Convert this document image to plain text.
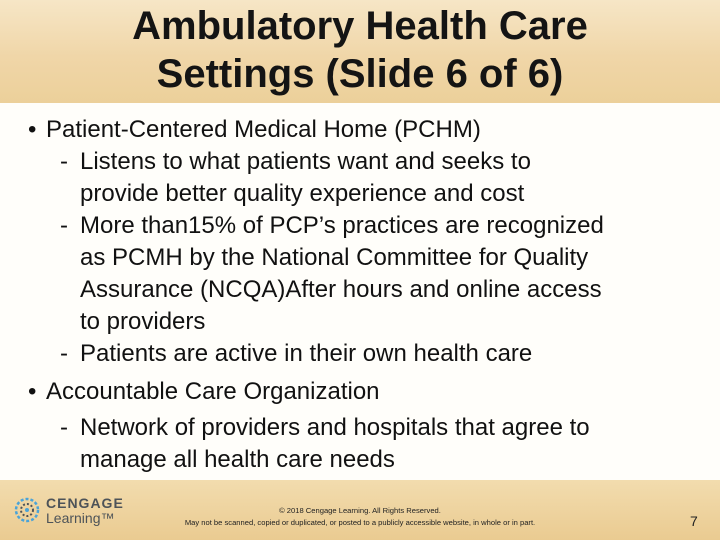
Ambulatory Health Care
Settings (Slide 6 of 6)
• Patient-Centered Medical Home (PCHM)
- Listens to what patients want and seeks to
provide better quality experience and cost
- More than15% of PCP’s practices are recognized
as PCMH by the National Committee for Quality
Assurance (NCQA)After hours and online access
to providers
- Patients are active in their own health care
• Accountable Care Organization
- Network of providers and hospitals that agree to
manage all health care needs
CENGAGE
Learning™	© 2018 Cengage Learning. All Rights Reserved.
May not be scanned, copied or duplicated, or posted to a publicly accessible website, in whole or in part.	7
